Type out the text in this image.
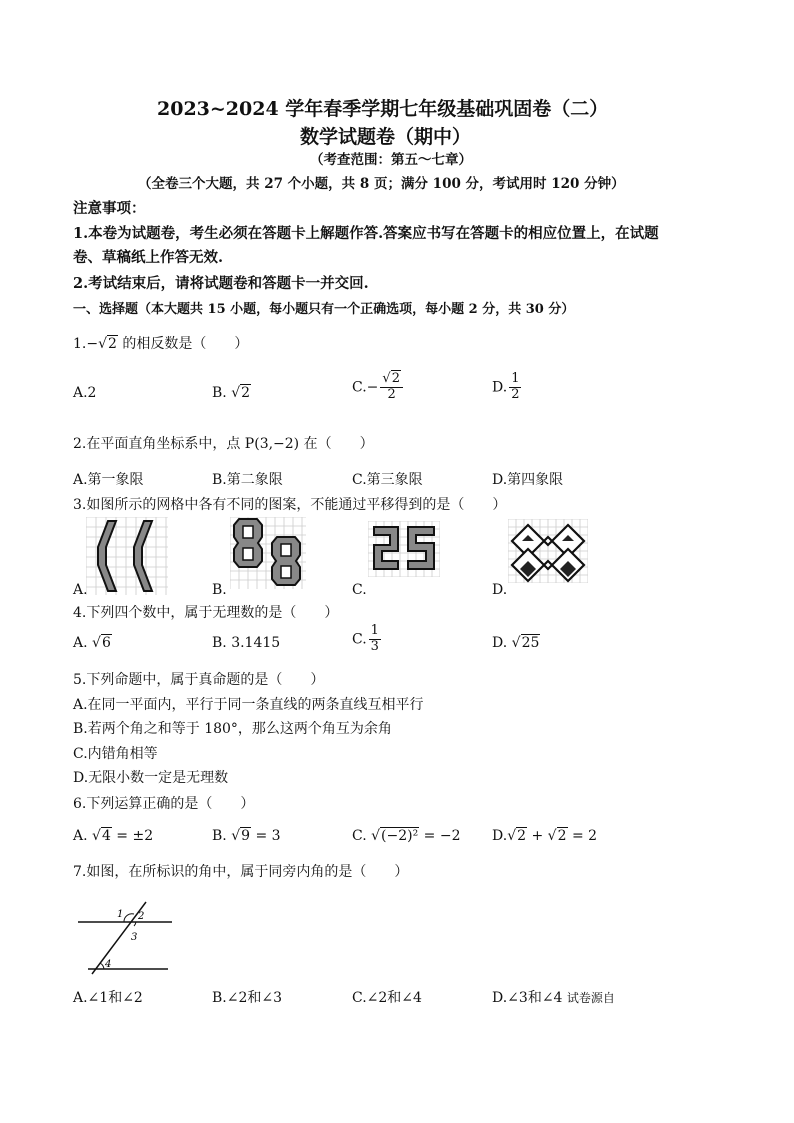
2023~2024 学年春季学期七年级基础巩固卷（二）
数学试题卷（期中）
（考查范围：第五～七章）
（全卷三个大题，共 27 个小题，共 8 页；满分 100 分，考试用时 120 分钟）
注意事项：
1.本卷为试题卷，考生必须在答题卡上解题作答.答案应书写在答题卡的相应位置上，在试题
卷、草稿纸上作答无效.
2.考试结束后，请将试题卷和答题卡一并交回.
一、选择题（本大题共 15 小题，每小题只有一个正确选项，每小题 2 分，共 30 分）
1.−√2 的相反数是（　　）
A.2	B. √2	$C.- \frac{√2}{2}$	D. $\frac{1}{2}$
2.在平面直角坐标系中，点 P(3,−2) 在（　　）
A.第一象限	B.第二象限	C.第三象限	D.第四象限
3.如图所示的网格中各有不同的图案，不能通过平移得到的是（　　）
A.	B.	C.	D.
4.下列四个数中，属于无理数的是（　　）
A. √6	B. 3.1415	C. $\frac{1}{3}$	D. √25
5.下列命题中，属于真命题的是（　　）
A.在同一平面内，平行于同一条直线的两条直线互相平行
B.若两个角之和等于 180°，那么这两个角互为余角
C.内错角相等
D.无限小数一定是无理数
6.下列运算正确的是（　　）
A. √4 = ±2	B. √9 = 3	C. √(−2)² = −2 D.√2 + √2 = 2
7.如图，在所标识的角中，属于同旁内角的是（　　）
1 2
3
4
A.∠1和∠2	B.∠2和∠3	C.∠2和∠4	D.∠3和∠4 试卷源自
